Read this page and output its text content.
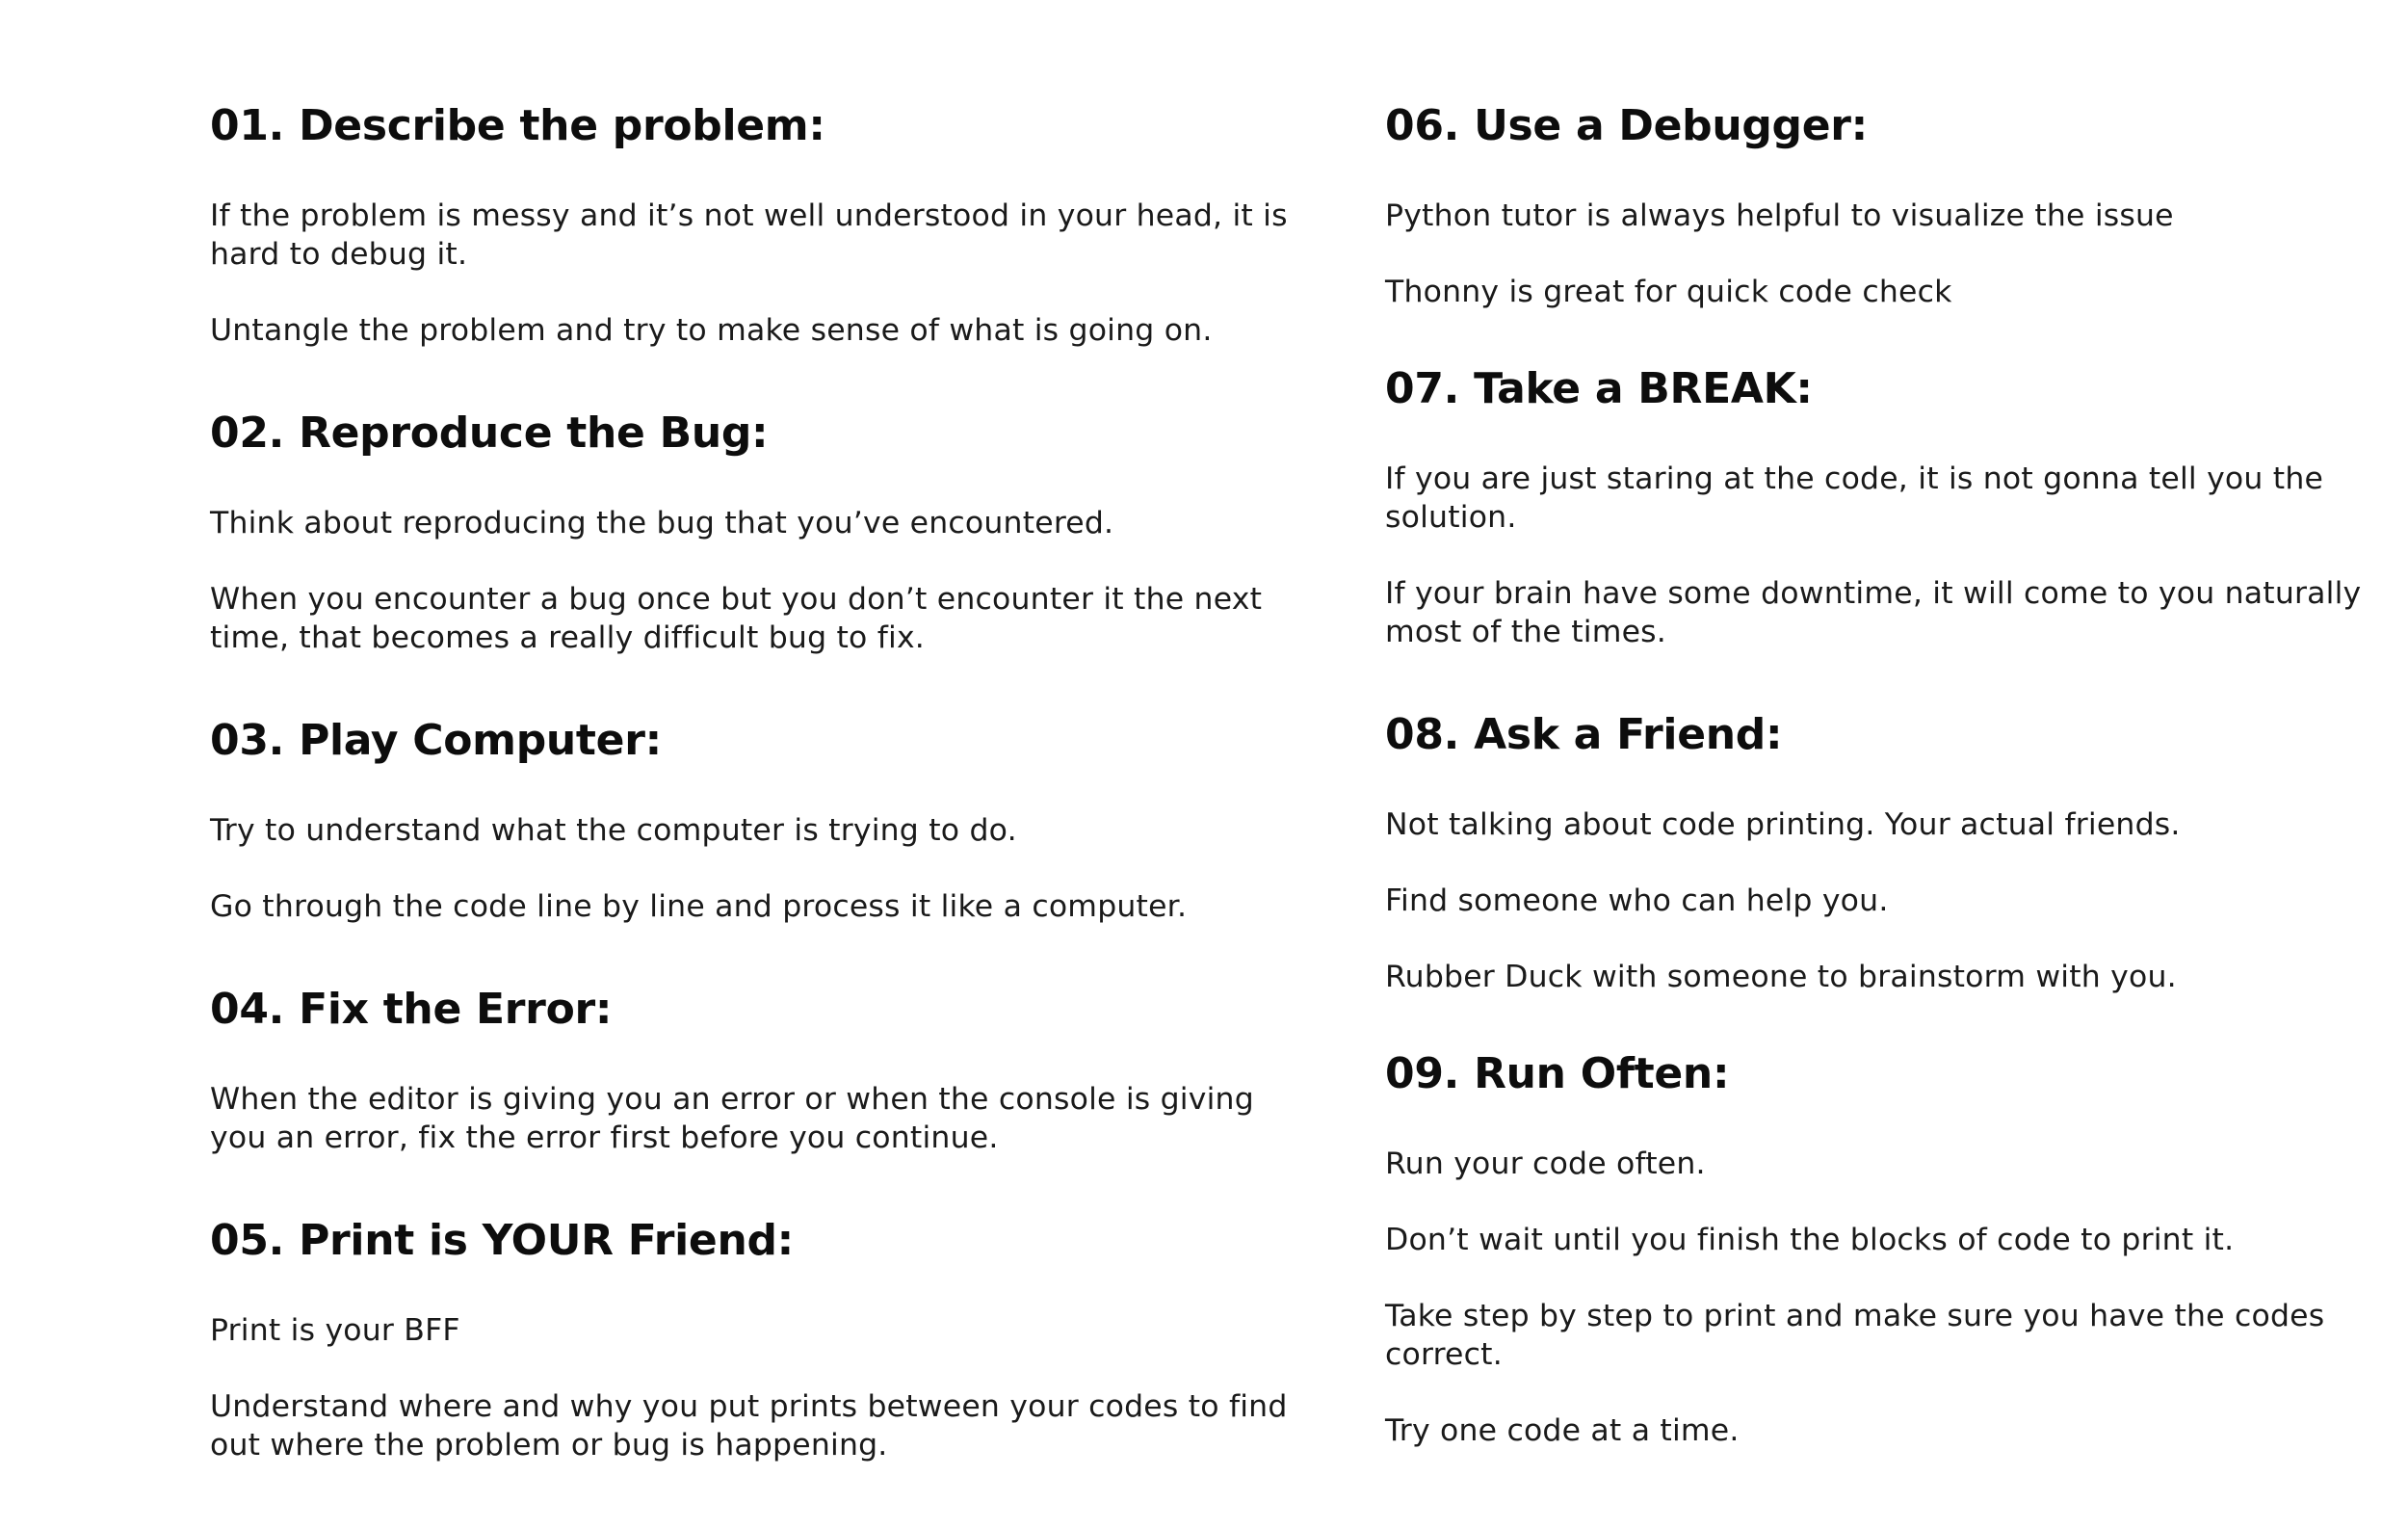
01. Describe the problem:

If the problem is messy and it’s not well understood in your head, it is hard to debug it.

Untangle the problem and try to make sense of what is going on.

02. Reproduce the Bug:

Think about reproducing the bug that you’ve encountered.

When you encounter a bug once but you don’t encounter it the next time, that becomes a really difficult bug to fix.

03. Play Computer:

Try to understand what the computer is trying to do.

Go through the code line by line and process it like a computer.

04. Fix the Error:

When the editor is giving you an error or when the console is giving you an error, fix the error first before you continue.

05. Print is YOUR Friend:

Print is your BFF

Understand where and why you put prints between your codes to find out where the problem or bug is happening.

06. Use a Debugger:

Python tutor is always helpful to visualize the issue

Thonny is great for quick code check

07. Take a BREAK:

If you are just staring at the code, it is not gonna tell you the solution.

If your brain have some downtime, it will come to you naturally most of the times.

08. Ask a Friend:

Not talking about code printing. Your actual friends.

Find someone who can help you.

Rubber Duck with someone to brainstorm with you.

09. Run Often:

Run your code often.

Don’t wait until you finish the blocks of code to print it.

Take step by step to print and make sure you have the codes correct.

Try one code at a time.
